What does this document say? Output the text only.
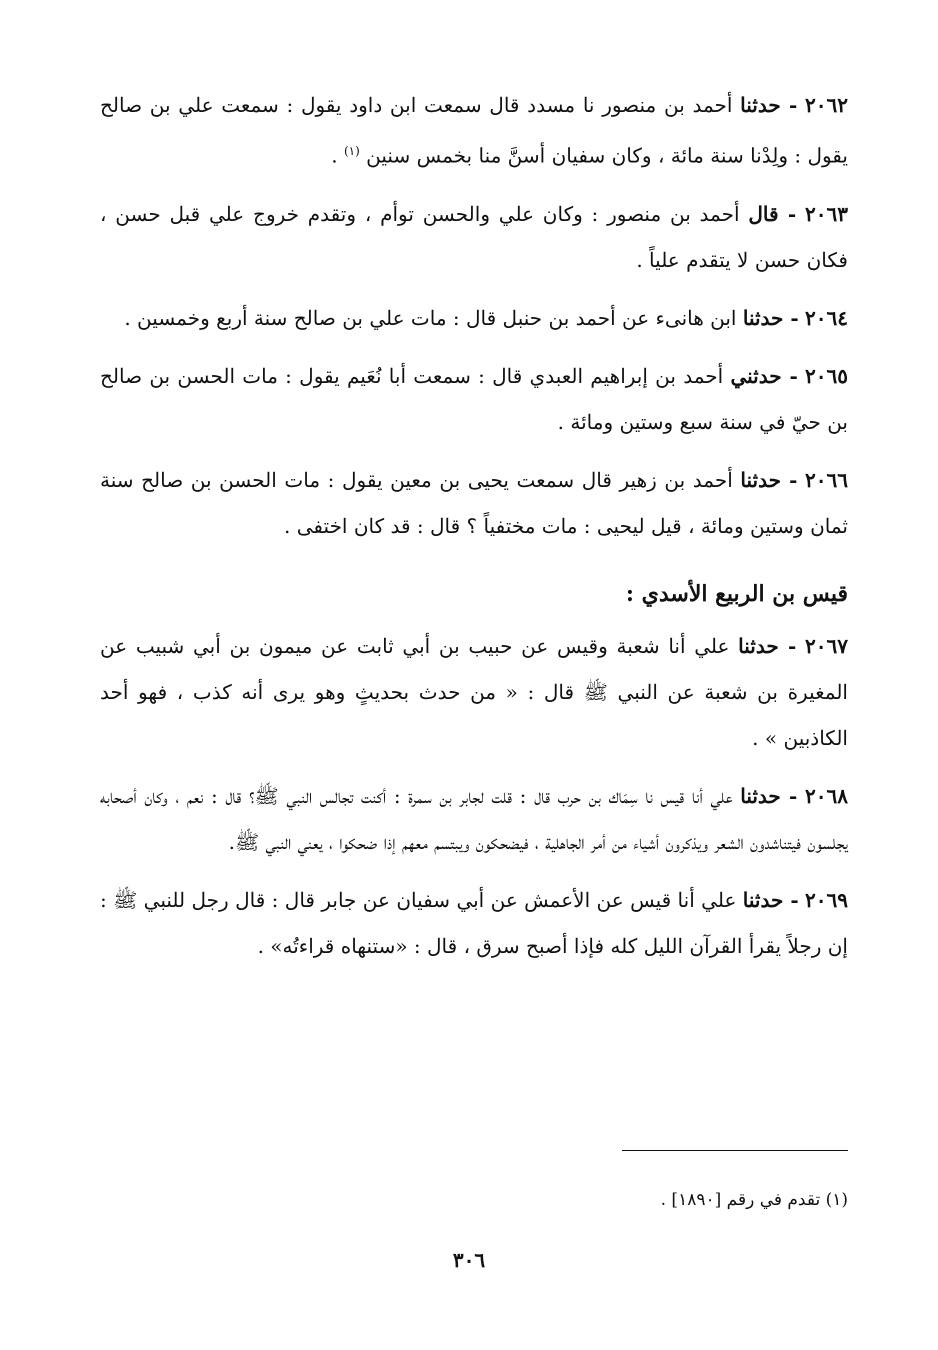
٢٠٦٢ - حدثنا أحمد بن منصور نا مسدد قال سمعت ابن داود يقول : سمعت علي بن صالح يقول : ولِدْنا سنة مائة ، وكان سفيان أسنَّ منا بخمس سنين $^{(١)}$ .

٢٠٦٣ - قال أحمد بن منصور : وكان علي والحسن توأم ، وتقدم خروج علي قبل حسن ، فكان حسن لا يتقدم علياً .

٢٠٦٤ - حدثنا ابن هانىء عن أحمد بن حنبل قال : مات علي بن صالح سنة أربع وخمسين .

٢٠٦٥ - حدثني أحمد بن إبراهيم العبدي قال : سمعت أبا نُعَيم يقول : مات الحسن بن صالح بن حيّ في سنة سبع وستين ومائة .

٢٠٦٦ - حدثنا أحمد بن زهير قال سمعت يحيى بن معين يقول : مات الحسن بن صالح سنة ثمان وستين ومائة ، قيل ليحيى : مات مختفياً ؟ قال : قد كان اختفى .

قيس بن الربيع الأسدي :

٢٠٦٧ - حدثنا علي أنا شعبة وقيس عن حبيب بن أبي ثابت عن ميمون بن أبي شبيب عن المغيرة بن شعبة عن النبي ﷺ قال : « من حدث بحديثٍ وهو يرى أنه كذب ، فهو أحد الكاذبين » .

٢٠٦٨ - حدثنا علي أنا قيس نا سِمَاك بن حرب قال : قلت لجابر بن سمرة : أكنت تجالس النبي ﷺ؟ قال : نعم ، وكان أصحابه يجلسون فيتناشدون الشعر ويذكرون أشياء من أمر الجاهلية ، فيضحكون ويبتسم معهم إذا ضحكوا ، يعني النبي ﷺ.

٢٠٦٩ - حدثنا علي أنا قيس عن الأعمش عن أبي سفيان عن جابر قال : قال رجل للنبي ﷺ : إن رجلاً يقرأ القرآن الليل كله فإذا أصبح سرق ، قال : «ستنهاه قراءتُه» .

(١) تقدم في رقم [١٨٩٠] .
٣٠٦
